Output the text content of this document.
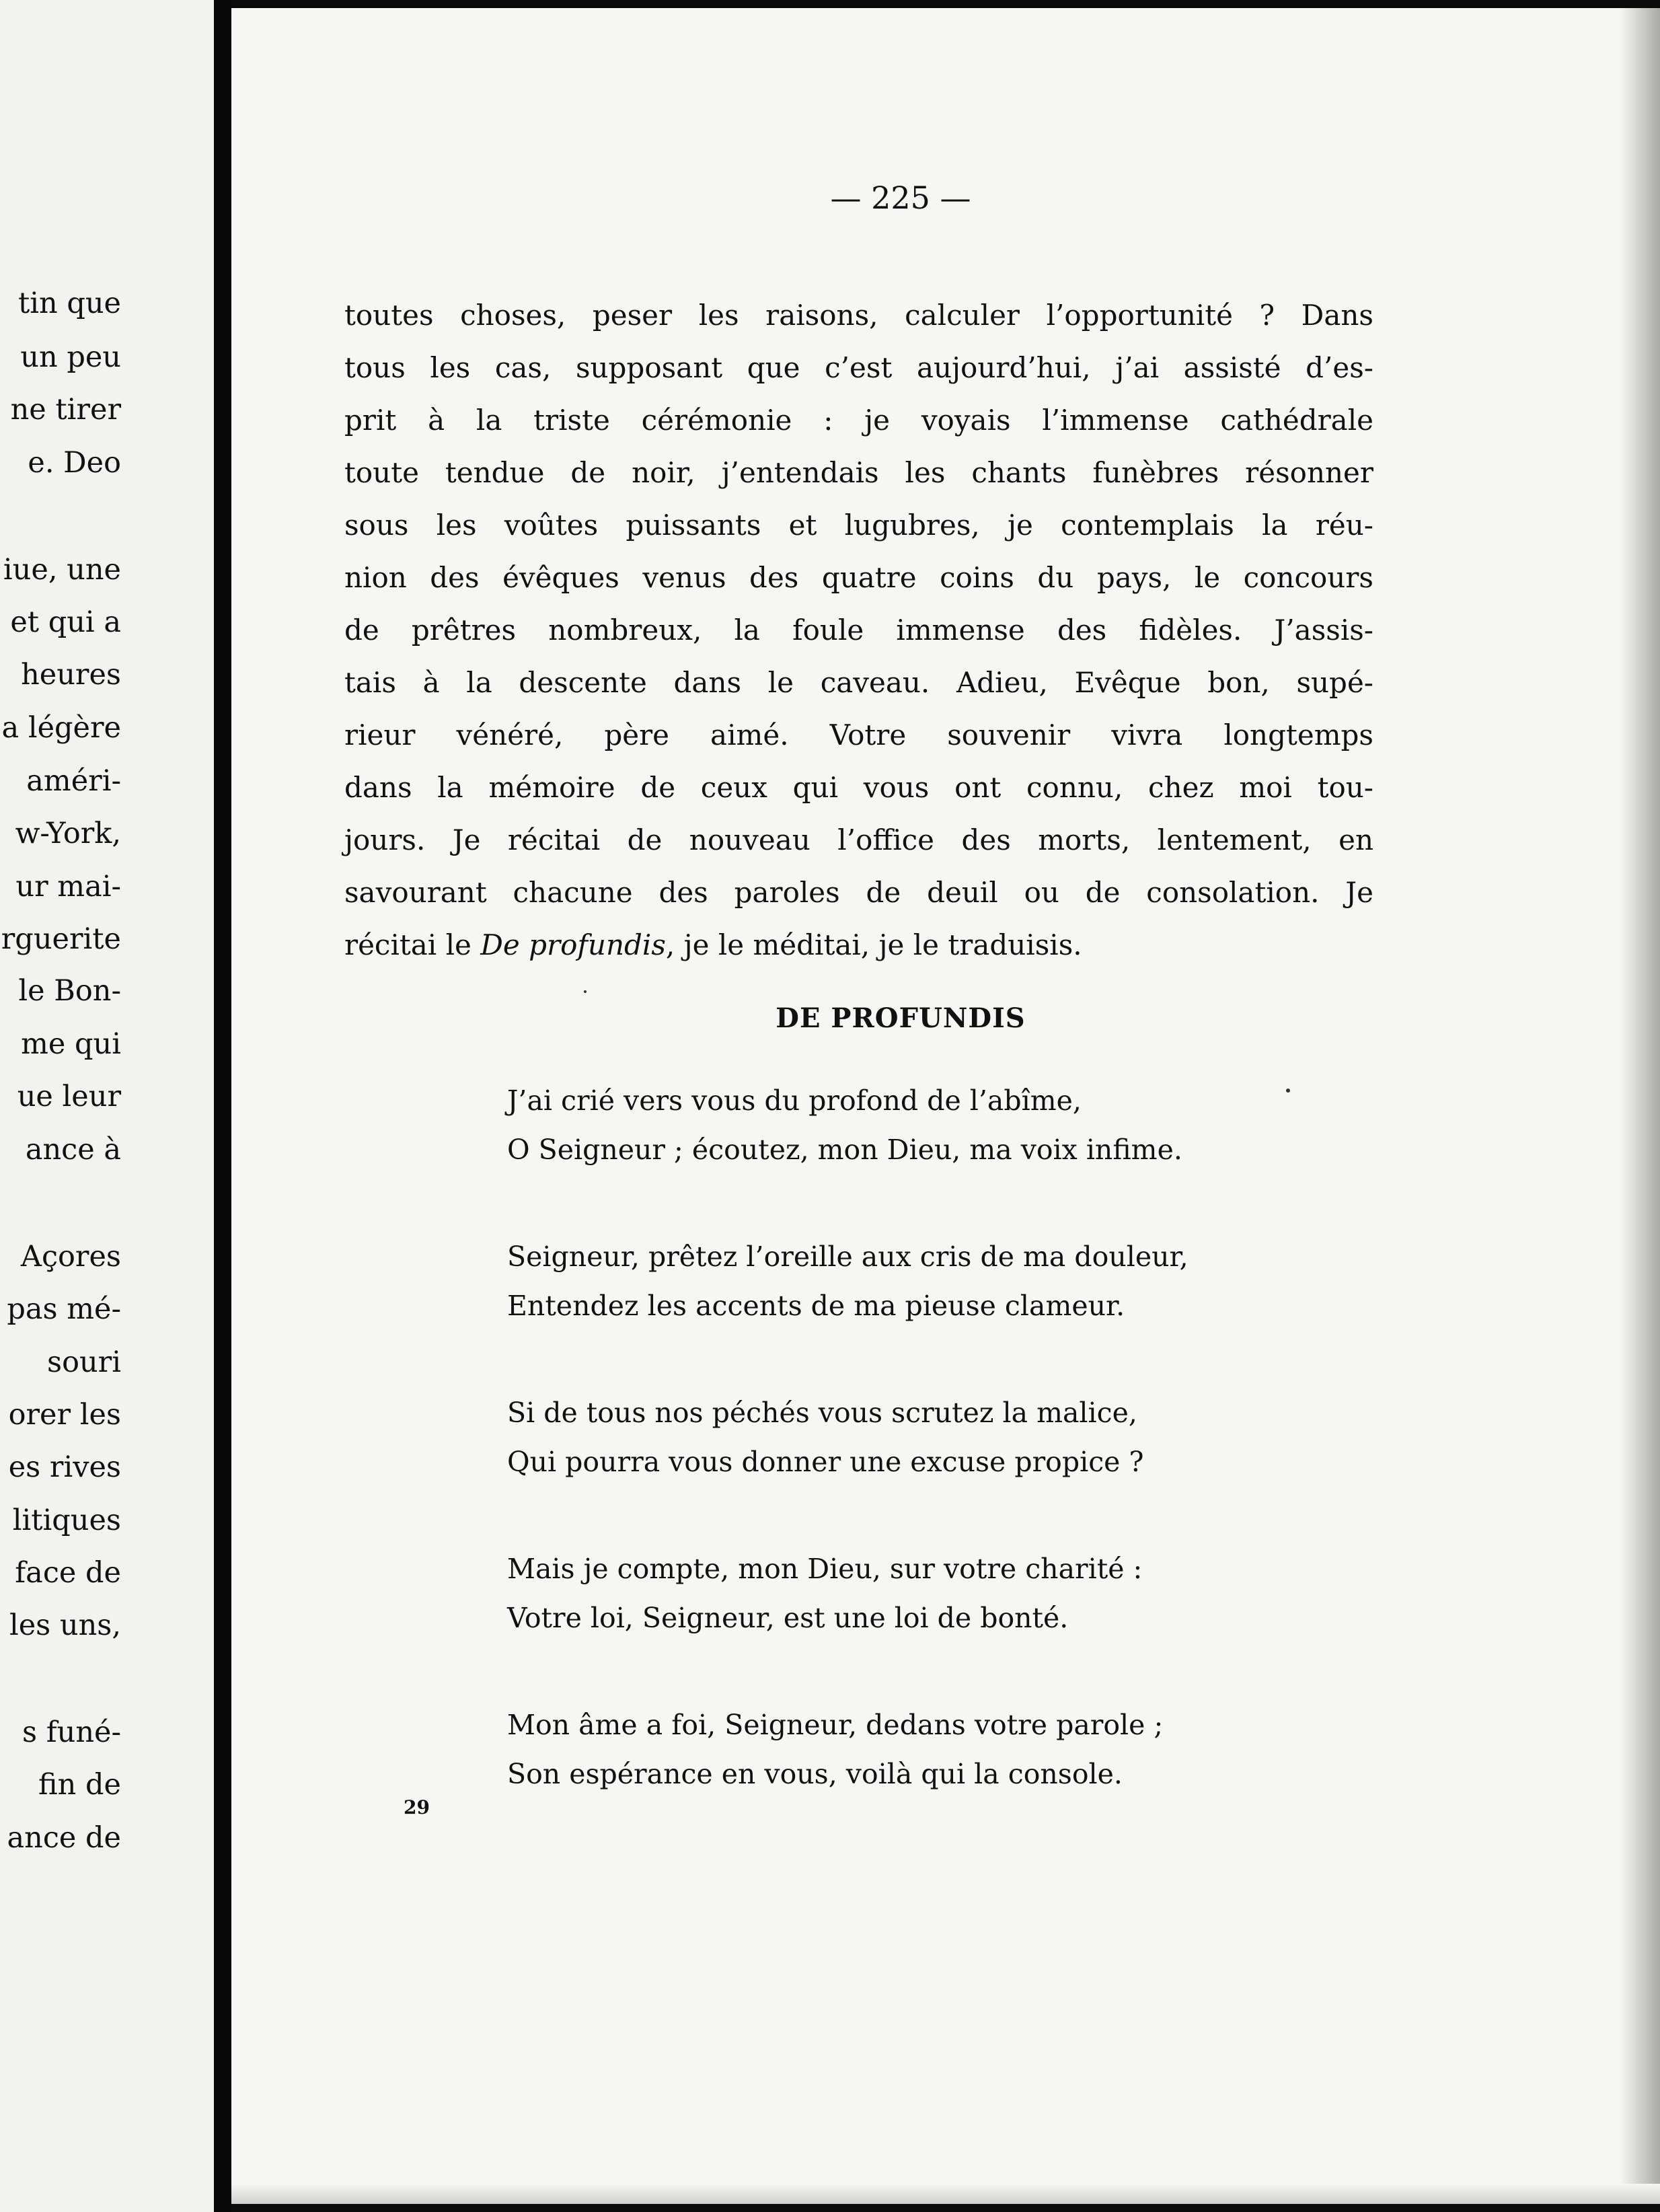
tin que
un peu
ne tirer
e. Deo
iue, une
et qui a
heures
a légère
améri-
w-York,
ur mai-
rguerite
le Bon-
me qui
ue leur
ance à
Açores
pas mé-
souri
orer les
es rives
litiques
face de
les uns,
s funé-
fin de
ance de

— 225 —

toutes choses, peser les raisons, calculer l’opportunité ? Dans
tous les cas, supposant que c’est aujourd’hui, j’ai assisté d’es-
prit à la triste cérémonie : je voyais l’immense cathédrale
toute tendue de noir, j’entendais les chants funèbres résonner
sous les voûtes puissants et lugubres, je contemplais la réu-
nion des évêques venus des quatre coins du pays, le concours
de prêtres nombreux, la foule immense des fidèles. J’assis-
tais à la descente dans le caveau. Adieu, Evêque bon, supé-
rieur vénéré, père aimé. Votre souvenir vivra longtemps
dans la mémoire de ceux qui vous ont connu, chez moi tou-
jours. Je récitai de nouveau l’office des morts, lentement, en
savourant chacune des paroles de deuil ou de consolation. Je
récitai le De profundis, je le méditai, je le traduisis.

DE PROFUNDIS

J’ai crié vers vous du profond de l’abîme,
O Seigneur ; écoutez, mon Dieu, ma voix infime.
Seigneur, prêtez l’oreille aux cris de ma douleur,
Entendez les accents de ma pieuse clameur.
Si de tous nos péchés vous scrutez la malice,
Qui pourra vous donner une excuse propice ?
Mais je compte, mon Dieu, sur votre charité :
Votre loi, Seigneur, est une loi de bonté.
Mon âme a foi, Seigneur, dedans votre parole ;
Son espérance en vous, voilà qui la console.
29
